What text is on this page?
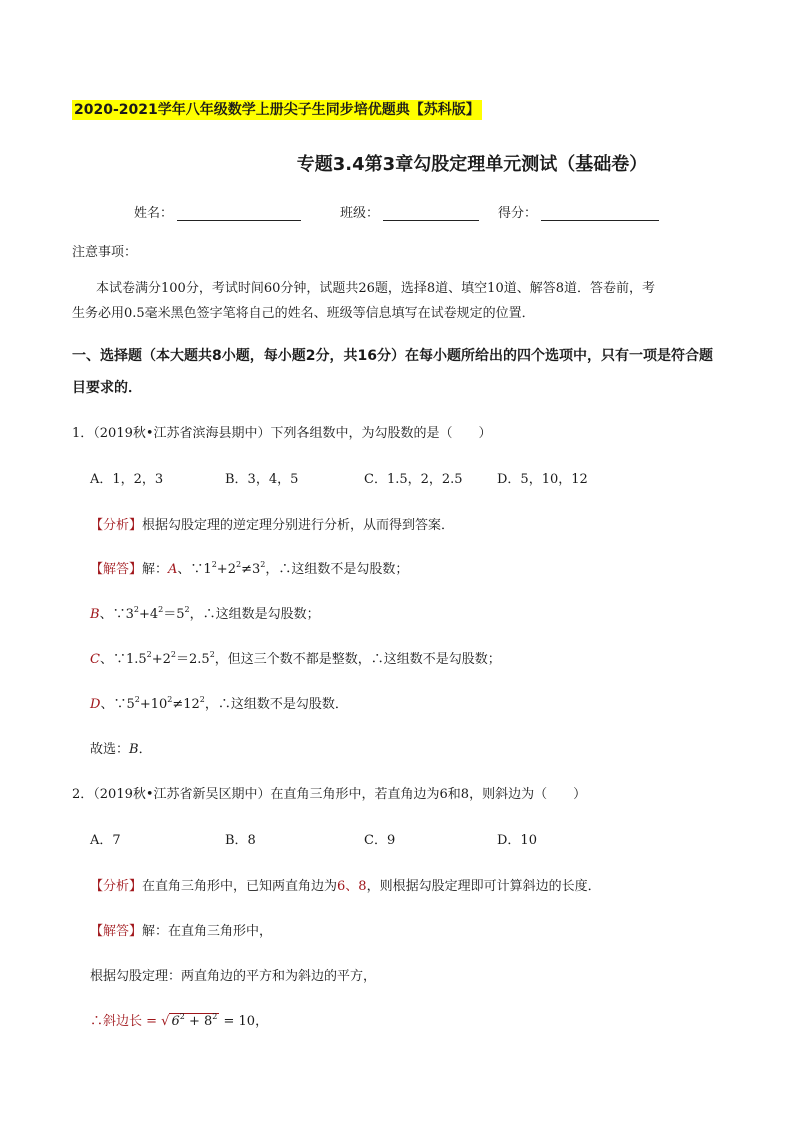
2020-2021学年八年级数学上册尖子生同步培优题典【苏科版】
专题3.4第3章勾股定理单元测试（基础卷）
姓名：	班级：	得分：
注意事项：
本试卷满分100分，考试时间60分钟，试题共26题，选择8道、填空10道、解答8道．答卷前，考
生务必用0.5毫米黑色签字笔将自己的姓名、班级等信息填写在试卷规定的位置．
一、选择题（本大题共8小题，每小题2分，共16分）在每小题所给出的四个选项中，只有一项是符合题目要求的．
1．（2019秋•江苏省滨海县期中）下列各组数中，为勾股数的是（　　）
A．1，2，3	B．3，4，5	C．1.5，2，2.5	D．5，10，12
【分析】根据勾股定理的逆定理分别进行分析，从而得到答案．
【解答】解：A、$\because 1^2+2^2\ne 3^2$，∴这组数不是勾股数；
B、$\because 3^2+4^2=5^2$，∴这组数是勾股数；
C、$\because 1.5^2+2^2=2.5^2$，但这三个数不都是整数，∴这组数不是勾股数；
D、$\because 5^2+10^2\ne 12^2$，∴这组数不是勾股数．
故选：B．
2．（2019秋•江苏省新吴区期中）在直角三角形中，若直角边为6和8，则斜边为（　　）
A．7	B．8	C．9	D．10
【分析】在直角三角形中，已知两直角边为6、8，则根据勾股定理即可计算斜边的长度．
【解答】解：在直角三角形中，
根据勾股定理：两直角边的平方和为斜边的平方，
∴斜边长 = √ $6^2 + 8^2 = 10$，
